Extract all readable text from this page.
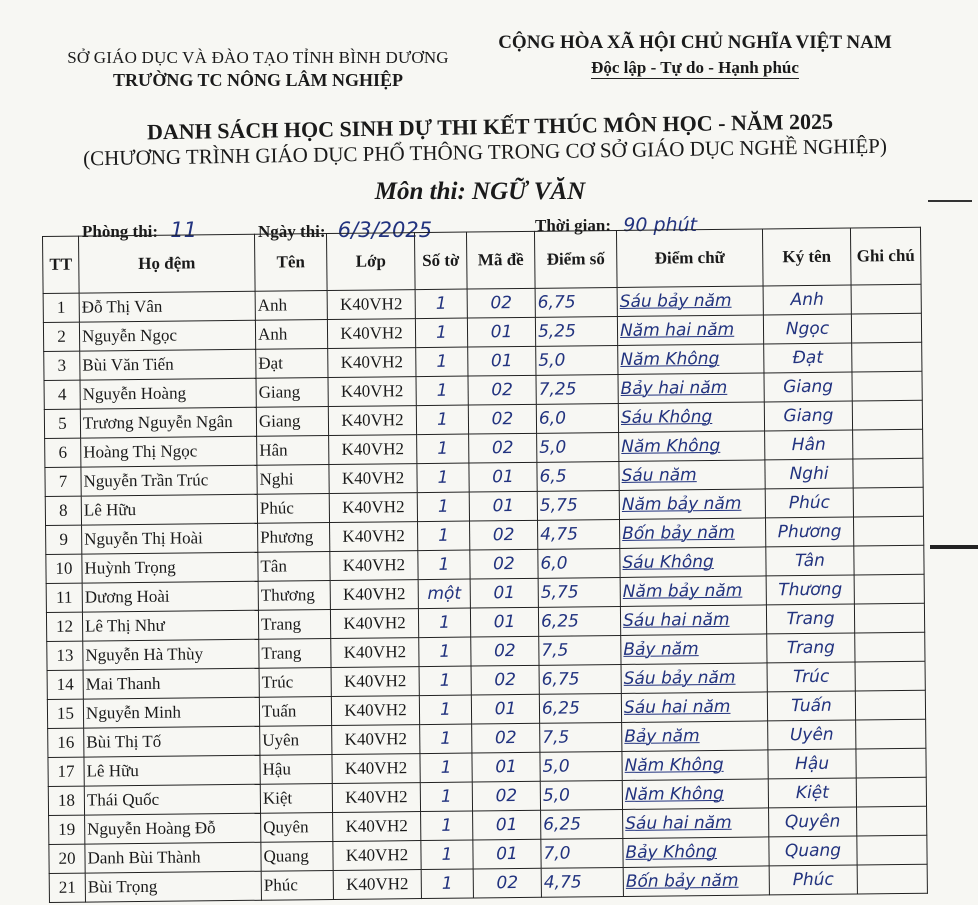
SỞ GIÁO DỤC VÀ ĐÀO TẠO TỈNH BÌNH DƯƠNG
TRƯỜNG TC NÔNG LÂM NGHIỆP
CỘNG HÒA XÃ HỘI CHỦ NGHĨA VIỆT NAM
Độc lập - Tự do - Hạnh phúc
DANH SÁCH HỌC SINH DỰ THI KẾT THÚC MÔN HỌC - NĂM 2025
(CHƯƠNG TRÌNH GIÁO DỤC PHỔ THÔNG TRONG CƠ SỞ GIÁO DỤC NGHỀ NGHIỆP)
Môn thi: NGỮ VĂN
Phòng thi: 11	Ngày thi: 6/3/2025	Thời gian: 90 phút
TT	Họ đệm	Tên	Lớp	Số tờ	Mã đề	Điểm số	Điểm chữ	Ký tên	Ghi chú
1	Đỗ Thị Vân	Anh	K40VH2	1	02	6,75	Sáu bảy năm	Anh	
2	Nguyễn Ngọc	Anh	K40VH2	1	01	5,25	Năm hai năm	Ngọc	
3	Bùi Văn Tiến	Đạt	K40VH2	1	01	5,0	Năm Không	Đạt	
4	Nguyễn Hoàng	Giang	K40VH2	1	02	7,25	Bảy hai năm	Giang	
5	Trương Nguyễn Ngân	Giang	K40VH2	1	02	6,0	Sáu Không	Giang	
6	Hoàng Thị Ngọc	Hân	K40VH2	1	02	5,0	Năm Không	Hân	
7	Nguyễn Trần Trúc	Nghi	K40VH2	1	01	6,5	Sáu năm	Nghi	
8	Lê Hữu	Phúc	K40VH2	1	01	5,75	Năm bảy năm	Phúc	
9	Nguyễn Thị Hoài	Phương	K40VH2	1	02	4,75	Bốn bảy năm	Phương	
10	Huỳnh Trọng	Tân	K40VH2	1	02	6,0	Sáu Không	Tân	
11	Dương Hoài	Thương	K40VH2	một	01	5,75	Năm bảy năm	Thương	
12	Lê Thị Như	Trang	K40VH2	1	01	6,25	Sáu hai năm	Trang	
13	Nguyễn Hà Thùy	Trang	K40VH2	1	02	7,5	Bảy năm	Trang	
14	Mai Thanh	Trúc	K40VH2	1	02	6,75	Sáu bảy năm	Trúc	
15	Nguyễn Minh	Tuấn	K40VH2	1	01	6,25	Sáu hai năm	Tuấn	
16	Bùi Thị Tố	Uyên	K40VH2	1	02	7,5	Bảy năm	Uyên	
17	Lê Hữu	Hậu	K40VH2	1	01	5,0	Năm Không	Hậu	
18	Thái Quốc	Kiệt	K40VH2	1	02	5,0	Năm Không	Kiệt	
19	Nguyễn Hoàng Đỗ	Quyên	K40VH2	1	01	6,25	Sáu hai năm	Quyên	
20	Danh Bùi Thành	Quang	K40VH2	1	01	7,0	Bảy Không	Quang	
21	Bùi Trọng	Phúc	K40VH2	1	02	4,75	Bốn bảy năm	Phúc	
